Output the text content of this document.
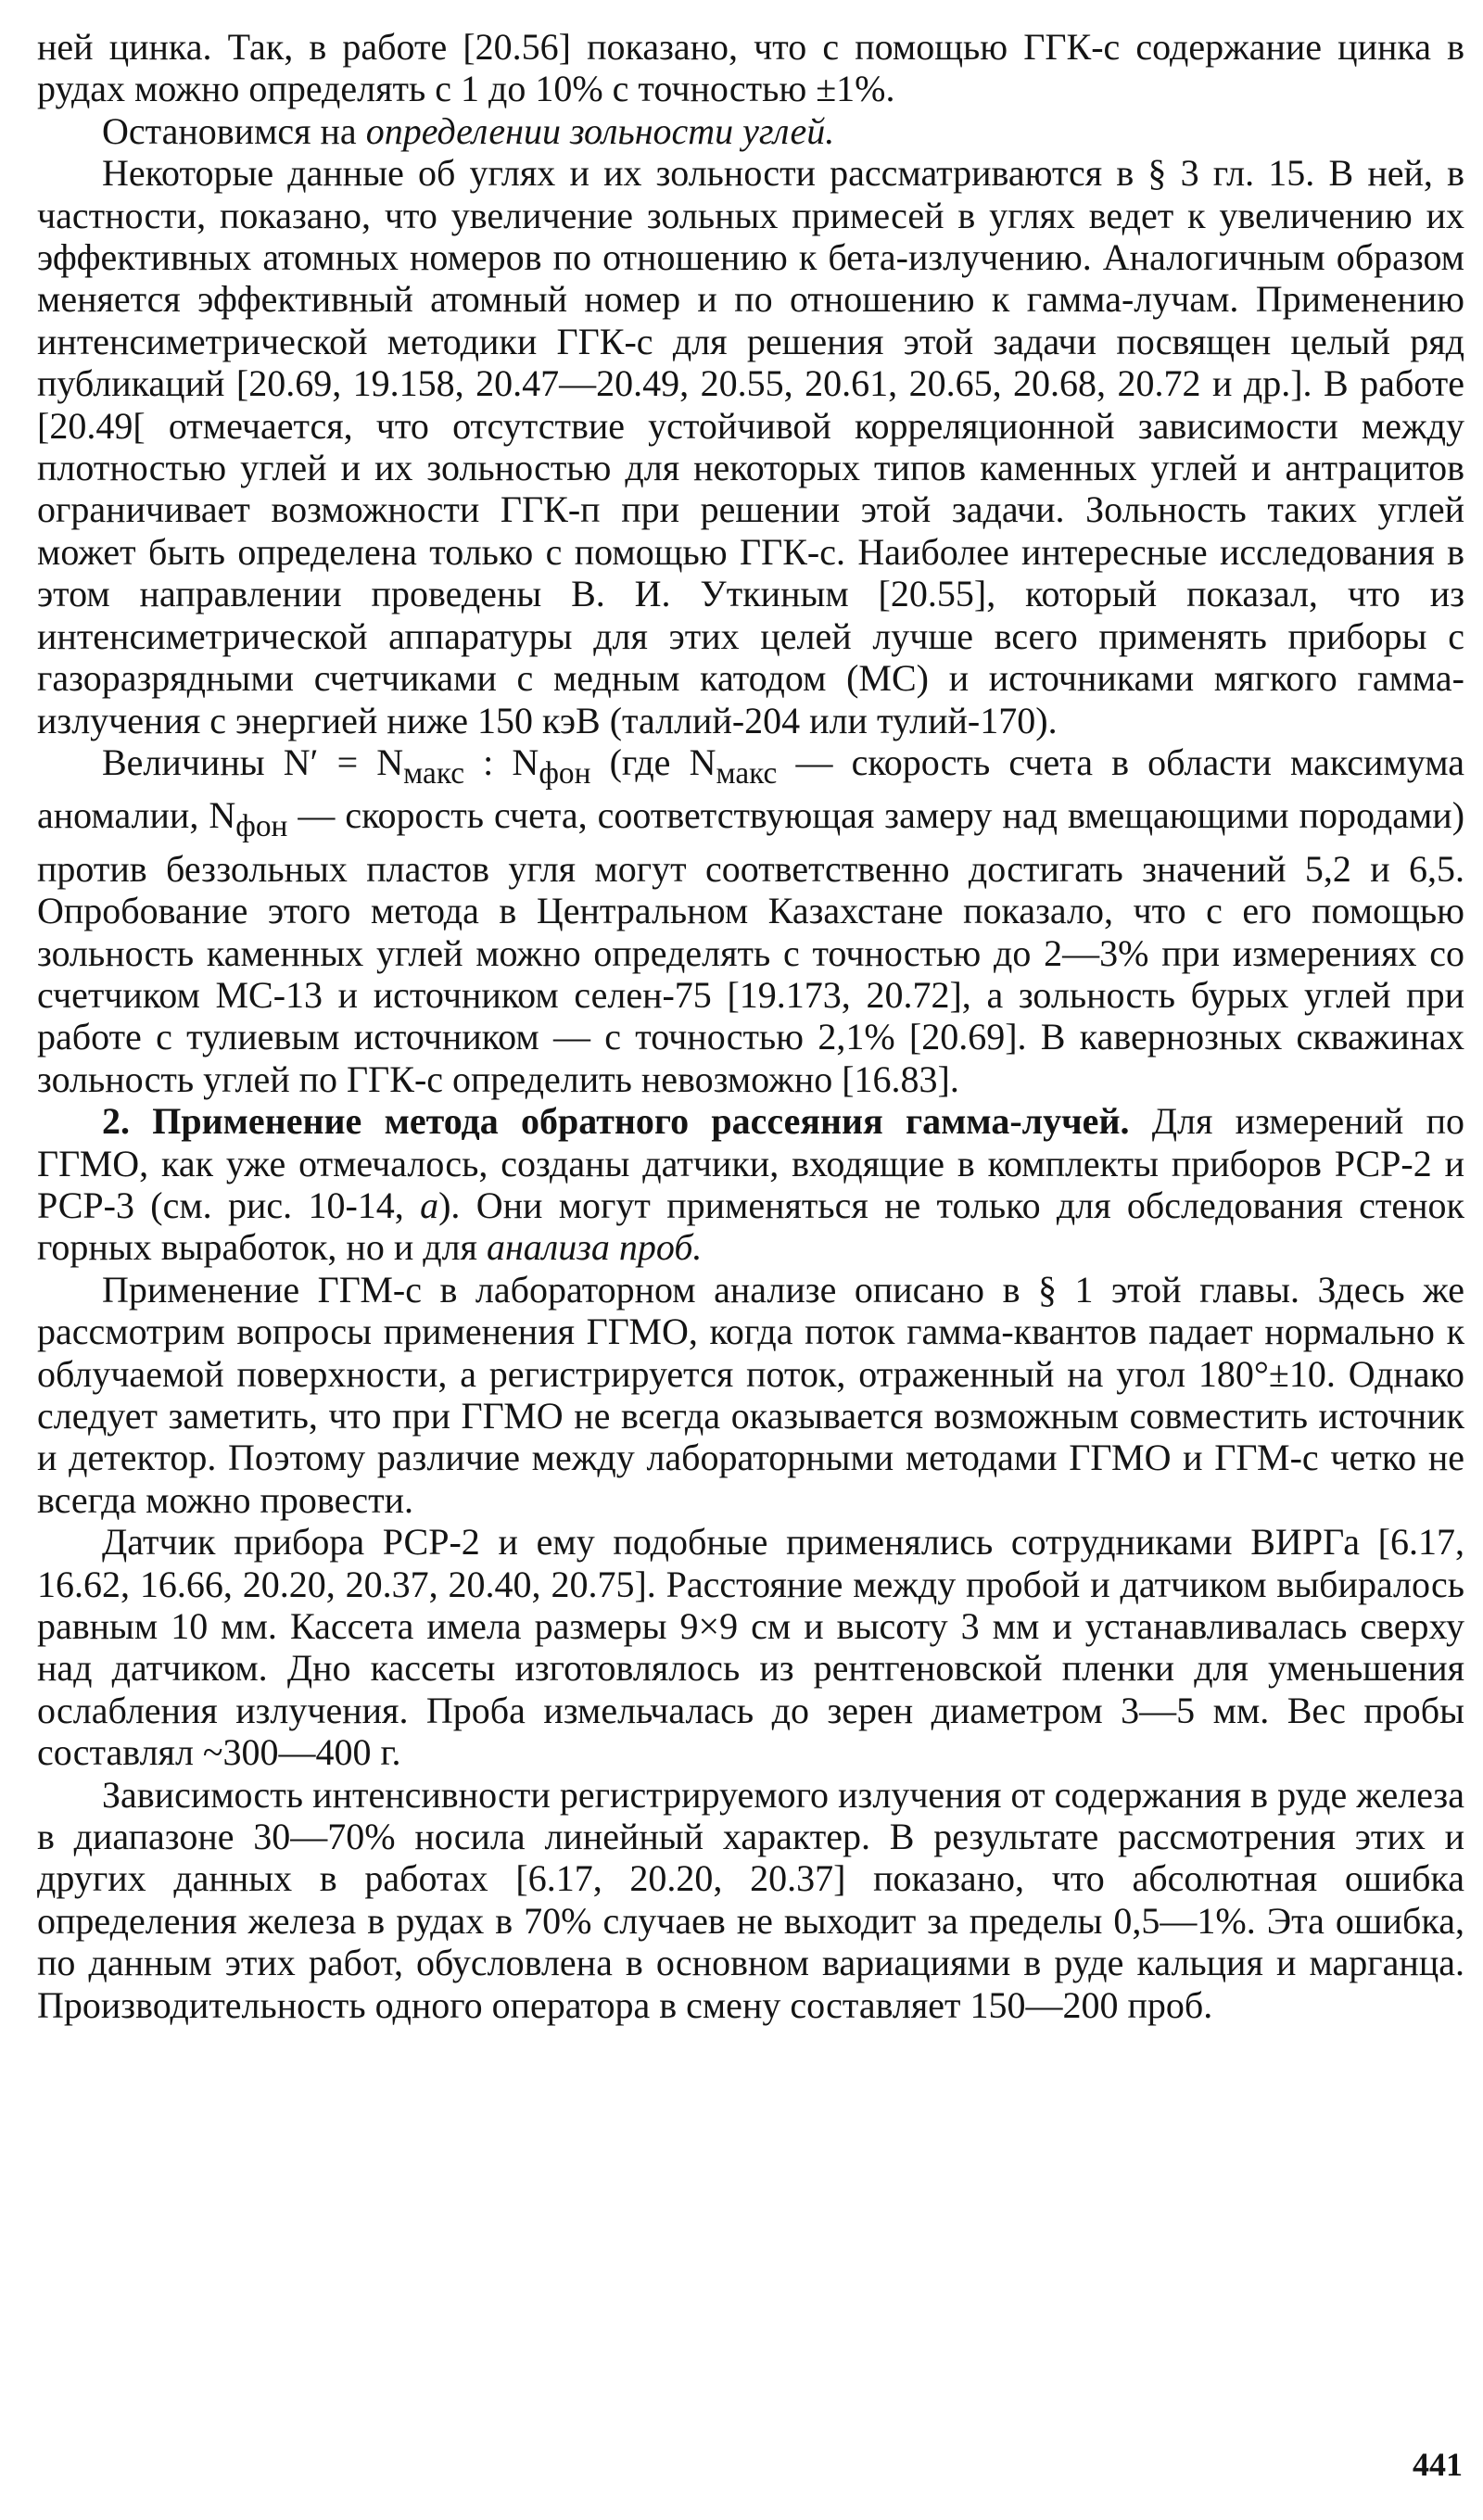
ней цинка. Так, в работе [20.56] показано, что с помощью ГГК-с содержание цинка в рудах можно определять с 1 до 10% с точностью ±1%.

Остановимся на определении зольности углей.

Некоторые данные об углях и их зольности рассматриваются в § 3 гл. 15. В ней, в частности, показано, что увеличение зольных примесей в углях ведет к увеличению их эффективных атомных номеров по отношению к бета-излучению. Аналогичным образом меняется эффективный атомный номер и по отношению к гамма-лучам. Применению интенсиметрической методики ГГК-с для решения этой задачи посвящен целый ряд публикаций [20.69, 19.158, 20.47—20.49, 20.55, 20.61, 20.65, 20.68, 20.72 и др.]. В работе [20.49[ отмечается, что отсутствие устойчивой корреляционной зависимости между плотностью углей и их зольностью для некоторых типов каменных углей и антрацитов ограничивает возможности ГГК-п при решении этой задачи. Зольность таких углей может быть определена только с помощью ГГК-с. Наиболее интересные исследования в этом направлении проведены В. И. Уткиным [20.55], который показал, что из интенсиметрической аппаратуры для этих целей лучше всего применять приборы с газоразрядными счетчиками с медным катодом (МС) и источниками мягкого гамма-излучения с энергией ниже 150 кэВ (таллий-204 или тулий-170).

Величины $N' = N_{макс}$ : $N_{фон}$ (где $N_{макс}$ — скорость счета в области максимума аномалии, $N_{фон}$ — скорость счета, соответствующая замеру над вмещающими породами) против беззольных пластов угля могут соответственно достигать значений 5,2 и 6,5. Опробование этого метода в Центральном Казахстане показало, что с его помощью зольность каменных углей можно определять с точностью до 2—3% при измерениях со счетчиком МС-13 и источником селен-75 [19.173, 20.72], а зольность бурых углей при работе с тулиевым источником — с точностью 2,1% [20.69]. В кавернозных скважинах зольность углей по ГГК-с определить невозможно [16.83].

2. Применение метода обратного рассеяния гамма-лучей. Для измерений по ГГМО, как уже отмечалось, созданы датчики, входящие в комплекты приборов РСР-2 и РСР-3 (см. рис. 10-14, а). Они могут применяться не только для обследования стенок горных выработок, но и для анализа проб.

Применение ГГМ-с в лабораторном анализе описано в § 1 этой главы. Здесь же рассмотрим вопросы применения ГГМО, когда поток гамма-квантов падает нормально к облучаемой поверхности, а регистрируется поток, отраженный на угол 180°±10. Однако следует заметить, что при ГГМО не всегда оказывается возможным совместить источник и детектор. Поэтому различие между лабораторными методами ГГМО и ГГМ-с четко не всегда можно провести.

Датчик прибора РСР-2 и ему подобные применялись сотрудниками ВИРГа [6.17, 16.62, 16.66, 20.20, 20.37, 20.40, 20.75]. Расстояние между пробой и датчиком выбиралось равным 10 мм. Кассета имела размеры 9×9 см и высоту 3 мм и устанавливалась сверху над датчиком. Дно кассеты изготовлялось из рентгеновской пленки для уменьшения ослабления излучения. Проба измельчалась до зерен диаметром 3—5 мм. Вес пробы составлял ~300—400 г.

Зависимость интенсивности регистрируемого излучения от содержания в руде железа в диапазоне 30—70% носила линейный характер. В результате рассмотрения этих и других данных в работах [6.17, 20.20, 20.37] показано, что абсолютная ошибка определения железа в рудах в 70% случаев не выходит за пределы 0,5—1%. Эта ошибка, по данным этих работ, обусловлена в основном вариациями в руде кальция и марганца. Производительность одного оператора в смену составляет 150—200 проб.

441
